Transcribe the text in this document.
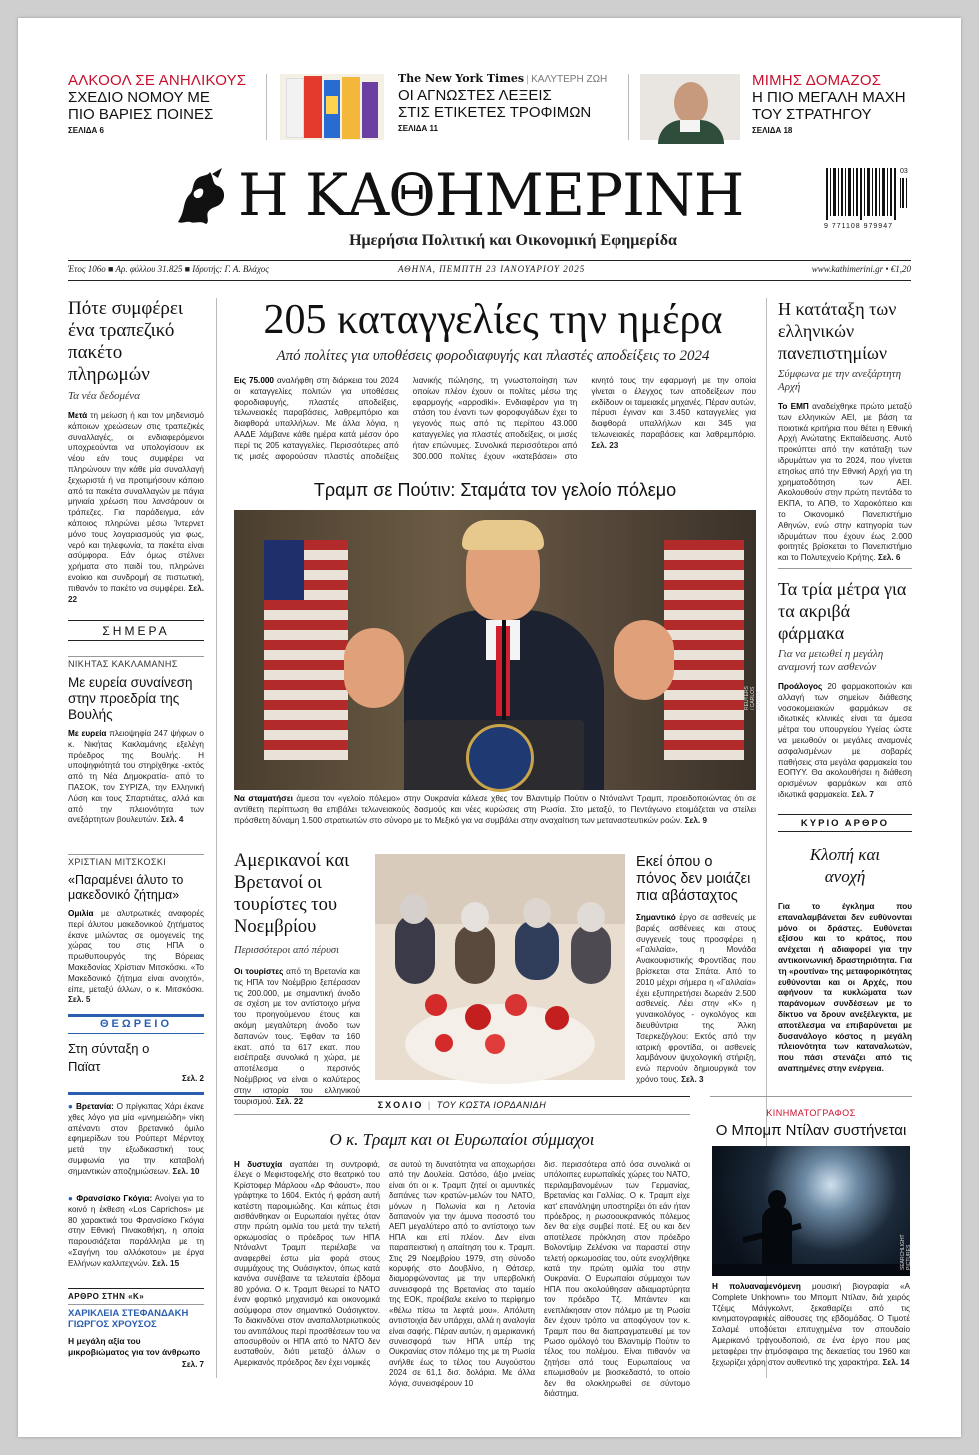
ΑΛΚΟΟΛ ΣΕ ΑΝΗΛΙΚΟΥΣ
ΣΧΕΔΙΟ ΝΟΜΟΥ ΜΕ
ΠΙΟ ΒΑΡΙΕΣ ΠΟΙΝΕΣ
ΣΕΛΙΔΑ 6
The New York Times | ΚΑΛΥΤΕΡΗ ΖΩΗ
ΟΙ ΑΓΝΩΣΤΕΣ ΛΕΞΕΙΣ
ΣΤΙΣ ΕΤΙΚΕΤΕΣ ΤΡΟΦΙΜΩΝ
ΣΕΛΙΔΑ 11
ΜΙΜΗΣ ΔΟΜΑΖΟΣ
Η ΠΙΟ ΜΕΓΑΛΗ ΜΑΧΗ
ΤΟΥ ΣΤΡΑΤΗΓΟΥ
ΣΕΛΙΔΑ 18
Η ΚΑΘΗΜΕΡΙΝΗ
Ημερήσια Πολιτική και Οικονομική Εφημερίδα
9 771108 979947
03
Έτος 106ο ■ Αρ. φύλλου 31.825 ■ Ιδρυτής: Γ. Α. Βλάχος	ΑΘΗΝΑ, ΠΕΜΠΤΗ 23 ΙΑΝΟΥΑΡΙΟΥ 2025	www.kathimerini.gr • €1,20
Πότε συμφέρει ένα τραπεζικό πακέτο πληρωμών
Τα νέα δεδομένα
Μετά τη μείωση ή και τον μηδενισμό κάποιων χρεώσεων στις τραπεζικές συναλλαγές, οι ενδιαφερόμενοι υποχρεούνται να υπολογίσουν εκ νέου εάν τους συμφέρει να πληρώνουν την κάθε μία συναλλαγή ξεχωριστά ή να προτιμήσουν κάποιο από τα πακέτα συναλλαγών με πάγια μηνιαία χρέωση που λανσάρουν οι τράπεζες. Για παράδειγμα, εάν κάποιος πληρώνει μέσω Ίντερνετ μόνο τους λογαριασμούς για φως, νερό και τηλεφωνία, τα πακέτα είναι ασύμφορα. Εάν όμως στέλνει χρήματα στο παιδί του, πληρώνει ενοίκιο και συνδρομή σε πιστωτική, πιθανόν το πακέτο να συμφέρει. Σελ. 22
ΣΗΜΕΡΑ
ΝΙΚΗΤΑΣ ΚΑΚΛΑΜΑΝΗΣ
Με ευρεία συναίνεση στην προεδρία της Βουλής
Με ευρεία πλειοψηφία 247 ψήφων ο κ. Νικήτας Κακλαμάνης εξελέγη πρόεδρος της Βουλής. Η υποψηφιότητά του στηρίχθηκε -εκτός από τη Νέα Δημοκρατία- από το ΠΑΣΟΚ, τον ΣΥΡΙΖΑ, την Ελληνική Λύση και τους Σπαρτιάτες, αλλά και από την πλειονότητα των ανεξάρτητων βουλευτών. Σελ. 4
ΧΡΙΣΤΙΑΝ ΜΙΤΣΚΟΣΚΙ
«Παραμένει άλυτο το μακεδονικό ζήτημα»
Ομιλία με αλυτρωτικές αναφορές περί άλυτου μακεδονικού ζητήματος έκανε μιλώντας σε ομογενείς της χώρας του στις ΗΠΑ ο πρωθυπουργός της Βόρειας Μακεδονίας Χρίστιαν Μιτσκόσκι. «Το Μακεδονικό ζήτημα είναι ανοιχτό», είπε, μεταξύ άλλων, ο κ. Μιτσκόσκι. Σελ. 5
ΘΕΩΡΕΙΟ
Στη σύνταξη ο Παϊατ
Σελ. 2
● Βρετανία: Ο πρίγκιπας Χάρι έκανε χθες λόγο για μία «μνημειώδη» νίκη απέναντι στον βρετανικό όμιλο εφημερίδων του Ρούπερτ Μέρντοχ μετά την εξωδικαστική τους συμφωνία για την καταβολή σημαντικών αποζημιώσεων. Σελ. 10
● Φρανσίσκο Γκόγια: Ανοίγει για το κοινό η έκθεση «Los Caprichos» με 80 χαρακτικά του Φρανσίσκο Γκόγια στην Εθνική Πινακοθήκη, η οποία παρουσιάζεται παράλληλα με τη «Σαγήνη του αλλόκοτου» με έργα Ελλήνων καλλιτεχνών. Σελ. 15
ΑΡΘΡΟ ΣΤΗΝ «Κ»
ΧΑΡΙΚΛΕΙΑ ΣΤΕΦΑΝΔΑΚΗ ΓΙΩΡΓΟΣ ΧΡΟΥΣΟΣ
Η μεγάλη αξία του μικροβιώματος για τον άνθρωπο
Σελ. 7
205 καταγγελίες την ημέρα
Από πολίτες για υποθέσεις φοροδιαφυγής και πλαστές αποδείξεις το 2024
Εις 75.000 αναλήφθη στη διάρκεια του 2024 οι καταγγελίες πολιτών για υποθέσεις φοροδιαφυγής, πλαστές αποδείξεις, τελωνειακές παραβάσεις, λαθρεμπόριο και διαφθορά υπαλλήλων. Με άλλα λόγια, η ΑΑΔΕ λάμβανε κάθε ημέρα κατά μέσον όρο περί τις 205 καταγγελίες. Περισσότερες από τις μισές αφορούσαν πλαστές αποδείξεις λιανικής πώλησης, τη γνωστοποίηση των οποίων πλέον έχουν οι πολίτες μέσω της εφαρμογής «αρροdiki». Ενδιαφέρον για τη στάση του έναντι των φοροφυγάδων έχει το γεγονός πως από τις περίπου 43.000 καταγγελίες για πλαστές αποδείξεις, οι μισές ήταν επώνυμες. Συνολικά περισσότεροι από 300.000 πολίτες έχουν «κατεβάσει» στο κινητό τους την εφαρμογή με την οποία γίνεται ο έλεγχος των αποδείξεων που εκδίδουν οι ταμειακές μηχανές. Πέραν αυτών, πέρυσι έγιναν και 3.450 καταγγελίες για διαφθορά υπαλλήλων και 345 για τελωνειακές παραβάσεις και λαθρεμπόριο. Σελ. 23
Τραμπ σε Πούτιν: Σταμάτα τον γελοίο πόλεμο
REUTERS / CARLOS BARRIA
Να σταματήσει άμεσα τον «γελοίο πόλεμο» στην Ουκρανία κάλεσε χθες τον Βλαντιμίρ Πούτιν ο Ντόναλντ Τραμπ, προειδοποιώντας ότι σε αντίθετη περίπτωση θα επιβάλει τελωνειακούς δασμούς και νέες κυρώσεις στη Ρωσία. Στο μεταξύ, το Πεντάγωνο ετοιμάζεται να στείλει πρόσθετη δύναμη 1.500 στρατιωτών στο σύνορο με το Μεξικό για να συμβάλει στην αναχαίτιση των μεταναστευτικών ροών. Σελ. 9
Αμερικανοί και Βρετανοί οι τουρίστες του Νοεμβρίου
Περισσότεροι από πέρυσι
Οι τουρίστες από τη Βρετανία και τις ΗΠΑ τον Νοέμβριο ξεπέρασαν τις 200.000, με σημαντική άνοδο σε σχέση με τον αντίστοιχο μήνα του προηγούμενου έτους και ακόμη μεγαλύτερη άνοδο των δαπανών τους. Έφθαν τα 160 εκατ. από τα 617 εκατ. που εισέπραξε συνολικά η χώρα, με αποτέλεσμα ο περσινός Νοέμβριος να είναι ο καλύτερος στην ιστορία του ελληνικού τουρισμού. Σελ. 22
Εκεί όπου ο πόνος δεν μοιάζει πια αβάσταχτος
Σημαντικό έργο σε ασθενείς με βαριές ασθένειες και στους συγγενείς τους προσφέρει η «Γαλιλαία», η Μονάδα Ανακουφιστικής Φροντίδας που βρίσκεται στα Σπάτα. Από το 2010 μέχρι σήμερα η «Γαλιλαία» έχει εξυπηρετήσει δωρεάν 2.500 ασθενείς. Λέει στην «Κ» η γυναικολόγος - ογκολόγος και διευθύντρια της Άλκη Τσερκεζόγλου: Εκτός από την ιατρική φροντίδα, οι ασθενείς λαμβάνουν ψυχολογική στήριξη, ενώ περνούν δημιουργικά τον χρόνο τους. Σελ. 3
ΣΧΟΛΙΟ | ΤΟΥ ΚΩΣΤΑ ΙΟΡΔΑΝΙΔΗ
Ο κ. Τραμπ και οι Ευρωπαίοι σύμμαχοι
Η δυστυχία αγαπάει τη συντροφιά, έλεγε ο Μεφιστοφελής στο θεατρικό του Κρίστοφερ Μάρλοου «Δρ Φάουστ», που γράφτηκε το 1604. Εκτός ή φράση αυτή κατέστη παροιμιώδης. Και κάπως έτσι αισθάνθηκαν οι Ευρωπαίοι ηγέτες όταν στην πρώτη ομιλία του μετά την τελετή ορκωμοσίας ο πρόεδρος των ΗΠΑ Ντόναλντ Τραμπ περιέλαβε να αναφερθεί έστω μία φορά στους συμμάχους της Ουάσιγκτον, όπως κατά κανόνα συνέβαινε τα τελευταία έβδομα 80 χρόνια. Ο κ. Τραμπ θεωρεί το ΝΑΤΟ έναν φορτικό μηχανισμό και οικονομικά ασύμφορα στον σημαντικό Ουάσιγκτον. Το διακινδύνει στον αναπαλλοτριωτικούς του αντιπάλους περί προσθέσεων του να αποσυρθούν οι ΗΠΑ από το ΝΑΤΟ δεν ευσταθούν, διότι μεταξύ άλλων ο Αμερικανός πρόεδρος δεν έχει νομικές
σε αυτού τη δυνατότητα να αποχωρήσει από την Δουλεία. Ωστόσο, άξιο μνείας είναι ότι οι κ. Τραμπ ζητεί οι αμυντικές δαπάνες των κρατών-μελών του ΝΑΤΟ, μόνων η Πολωνία και η Λετονία δαπανούν για την άμυνα ποσοστό του ΑΕΠ μεγαλύτερο από το αντίστοιχο των ΗΠΑ και επί πλέον. Δεν είναι παραπειστική η απαίτηση του κ. Τραμπ. Στις 29 Νοεμβρίου 1979, στη σύνοδο κορυφής στο Δουβλίνο, η Θάτσερ, διαμορφώνοντας με την υπερβολική συνεισφορά της Βρετανίας στο ταμείο της ΕΟΚ, προέβαλε εκείνο το περίφημο «θέλω πίσω τα λεφτά μου». Απόλυτη αντιστοιχία δεν υπάρχει, αλλά η αναλογία είναι σαφής. Πέραν αυτών, η αμερικανική συνεισφορά των ΗΠΑ υπέρ της Ουκρανίας στον πόλεμο της με τη Ρωσία ανήλθε έως το τέλος του Αυγούστου 2024 σε 61,1 δισ. δολάρια. Με άλλα λόγια, συνεισφέρουν 10
δισ. περισσότερα από όσα συνολικά οι υπόλοιπες ευρωπαϊκές χώρες του ΝΑΤΟ, περιλαμβανομένων των Γερμανίας, Βρετανίας και Γαλλίας. Ο κ. Τραμπ είχε κατ' επανάληψη υποστηρίξει ότι εάν ήταν πρόεδρος, η ρωσοουκρανικός πόλεμος δεν θα είχε συμβεί ποτέ. Εξ ου και δεν αποτέλεσε πρόκληση στον πρόεδρο Βολοντίμιρ Ζελένσκι να παραστεί στην τελετή ορκωμοσίας του, ούτε ενοχλήθηκε κατά την πρώτη ομιλία του στην Ουκρανία. Ο Ευρωπαίοι σύμμαχοι των ΗΠΑ που ακολούθησαν αδιαμαρτύρητα τον πρόεδρο Τζ. Μπάιντεν και ενεπλάκησαν στον πόλεμο με τη Ρωσία δεν έχουν τρόπο να αποφύγουν τον κ. Τραμπ που θα διαπραγματευθεί με τον Ρωσο ομόλογό του Βλαντιμίρ Πούτιν το τέλος του πολέμου. Είναι πιθανόν να ζητήσει από τους Ευρωπαίους να επωμισθούν με βιοσκεδαστό, το οποίο δεν θα ολοκληρωθεί σε σύντομο διάστημα.
Η κατάταξη των ελληνικών πανεπιστημίων
Σύμφωνα με την ανεξάρτητη Αρχή
Το ΕΜΠ αναδείχθηκε πρώτο μεταξύ των ελληνικών ΑΕΙ, με βάση τα ποιοτικά κριτήρια που θέτει η Εθνική Αρχή Ανώτατης Εκπαίδευσης. Αυτό προκύπτει από την κατάταξη των ιδρυμάτων για το 2024, που γίνεται ετησίως από την Εθνική Αρχή για τη χρηματοδότηση των ΑΕΙ. Ακολουθούν στην πρώτη πεντάδα το ΕΚΠΑ, το ΑΠΘ, το Χαροκόπειο και το Οικονομικό Πανεπιστήμιο Αθηνών, ενώ στην κατηγορία των ιδρυμάτων που έχουν έως 2.000 φοιτητές βρίσκεται το Πανεπιστήμιο και το Πολυτεχνείο Κρήτης. Σελ. 6
Τα τρία μέτρα για τα ακριβά φάρμακα
Για να μειωθεί η μεγάλη αναμονή των ασθενών
Προάλογος 20 φαρμακοποιών και αλλαγή των σημείων διάθεσης νοσοκομειακών φαρμάκων σε ιδιωτικές κλινικές είναι τα άμεσα μέτρα του υπουργείου Υγείας ώστε να μειωθούν οι μεγάλες αναμονές ασφαλισμένων με σοβαρές παθήσεις στα μεγάλα φαρμακεία του ΕΟΠΥΥ. Θα ακολουθήσει η διάθεση ορισμένων φαρμάκων και από ιδιωτικά φαρμακεία. Σελ. 7
ΚΥΡΙΟ ΑΡΘΡΟ
Κλοπή και ανοχή
Για το έγκλημα που επαναλαμβάνεται δεν ευθύνονται μόνο οι δράστες. Ευθύνεται εξίσου και το κράτος, που ανέχεται ή αδιαφορεί για την αντικοινωνική δραστηριότητα. Για τη «ρουτίνα» της μεταφορικότητας ευθύνονται και οι Αρχές, που αφήνουν τα κυκλώματα των παράνομων συνδέσεων με το δίκτυο να δρουν ανεξέλεγκτα, με αποτέλεσμα να επιβαρύνεται με δυσανάλογο κόστος η μεγάλη πλειονότητα των καταναλωτών, που πάσι στενάζει από τις αναπημένες στην ενέργεια.
ΚΙΝΗΜΑΤΟΓΡΑΦΟΣ
Ο Μπομπ Ντίλαν συστήνεται
SEARCHLIGHT PICTURES
Η πολυαναμενόμενη μουσική βιογραφία «A Complete Unknown» του Μπομπ Ντίλαν, διά χειρός Τζέιμς Μάνγκολντ, ξεκαθαρίζει από τις κινηματογραφικές αίθουσες της εβδομάδας. Ο Τιμοτέ Σαλαμέ υποδύεται επιτυχημένα τον σπουδαίο Αμερικανό τραγουδοποιό, σε ένα έργο που μας μεταφέρει την ατμόσφαιρα της δεκαετίας του 1960 και ξεχωρίζει χάρη στον αυθεντικό της χαρακτήρα. Σελ. 14
